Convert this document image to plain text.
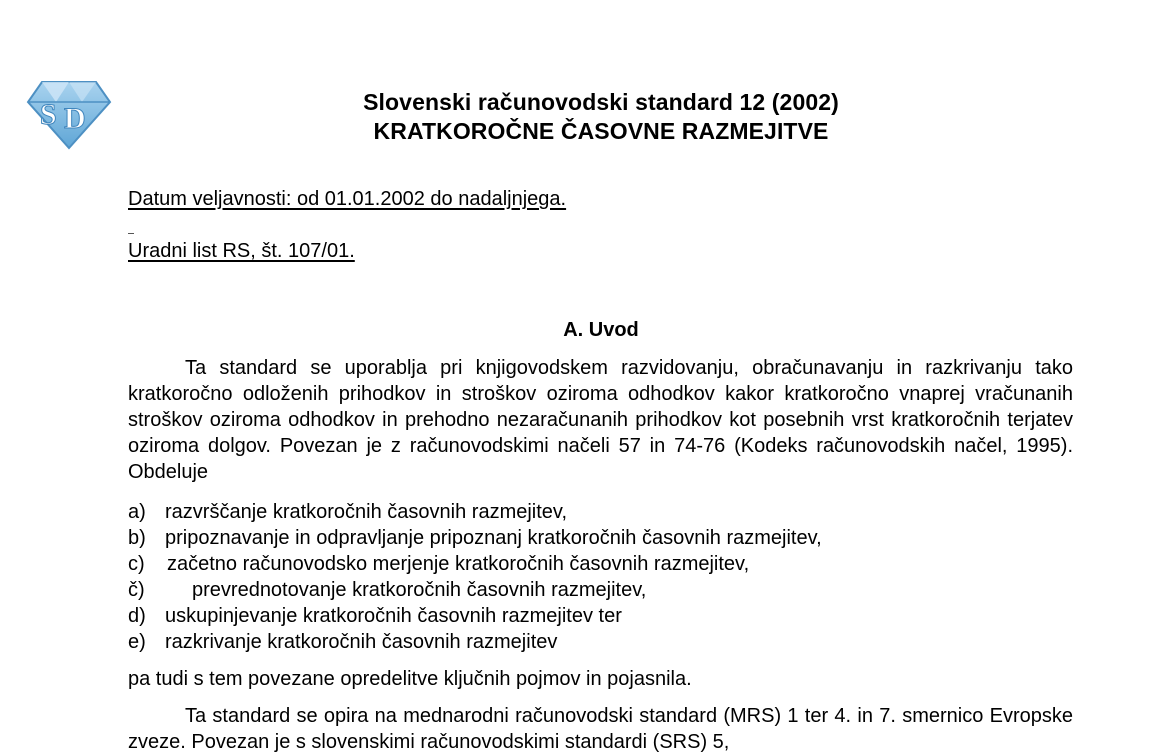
S D	Slovenski računovodski standard 12 (2002)
KRATKOROČNE ČASOVNE RAZMEJITVE
Datum veljavnosti: od 01.01.2002 do nadaljnjega.
Uradni list RS, št. 107/01.
A. Uvod

Ta standard se uporablja pri knjigovodskem razvidovanju, obračunavanju in razkrivanju tako kratkoročno odloženih prihodkov in stroškov oziroma odhodkov kakor kratkoročno vnaprej vračunanih stroškov oziroma odhodkov in prehodno nezaračunanih prihodkov kot posebnih vrst kratkoročnih terjatev oziroma dolgov. Povezan je z računovodskimi načeli 57 in 74-76 (Kodeks računovodskih načel, 1995). Obdeluje

a) razvrščanje kratkoročnih časovnih razmejitev,
b) pripoznavanje in odpravljanje pripoznanj kratkoročnih časovnih razmejitev,
c) začetno računovodsko merjenje kratkoročnih časovnih razmejitev,
č) prevrednotovanje kratkoročnih časovnih razmejitev,
d) uskupinjevanje kratkoročnih časovnih razmejitev ter
e) razkrivanje kratkoročnih časovnih razmejitev

pa tudi s tem povezane opredelitve ključnih pojmov in pojasnila.

Ta standard se opira na mednarodni računovodski standard (MRS) 1 ter 4. in 7. smernico Evropske zveze. Povezan je s slovenskimi računovodskimi standardi (SRS) 5,
